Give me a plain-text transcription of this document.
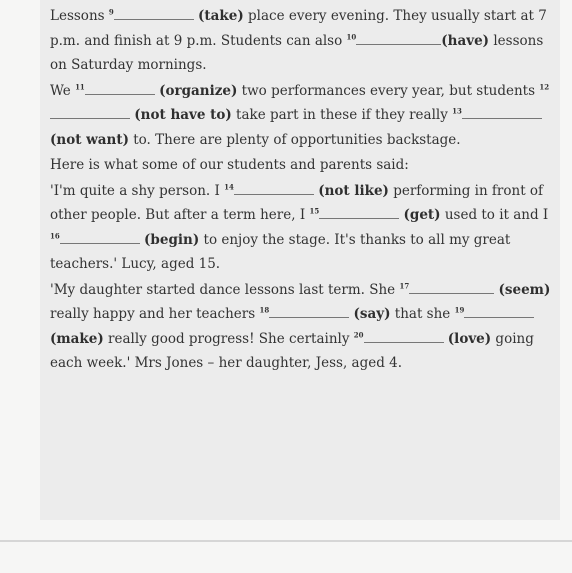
Lessons $^9$	(take) place every evening. They usually start at 7 p.m. and finish at 9 p.m. Students can also $^{10}$	(have) lessons on Saturday mornings.

We $^{11}$	(organize) two performances every year, but students $^{12}$ (not have to) take part in these if they really $^{13}$ (not want) to. There are plenty of opportunities backstage.

Here is what some of our students and parents said:

'I'm quite a shy person. I $^{14}$	(not like) performing in front of other people. But after a term here, I $^{15}$	(get) used to it and I $^{16}$	(begin) to enjoy the stage. It's thanks to all my great teachers.' Lucy, aged 15.

'My daughter started dance lessons last term. She $^{17}$	(seem) really happy and her teachers $^{18}$	(say) that she $^{19}$ (make) really good progress! She certainly $^{20}$	(love) going each week.' Mrs Jones – her daughter, Jess, aged 4.
